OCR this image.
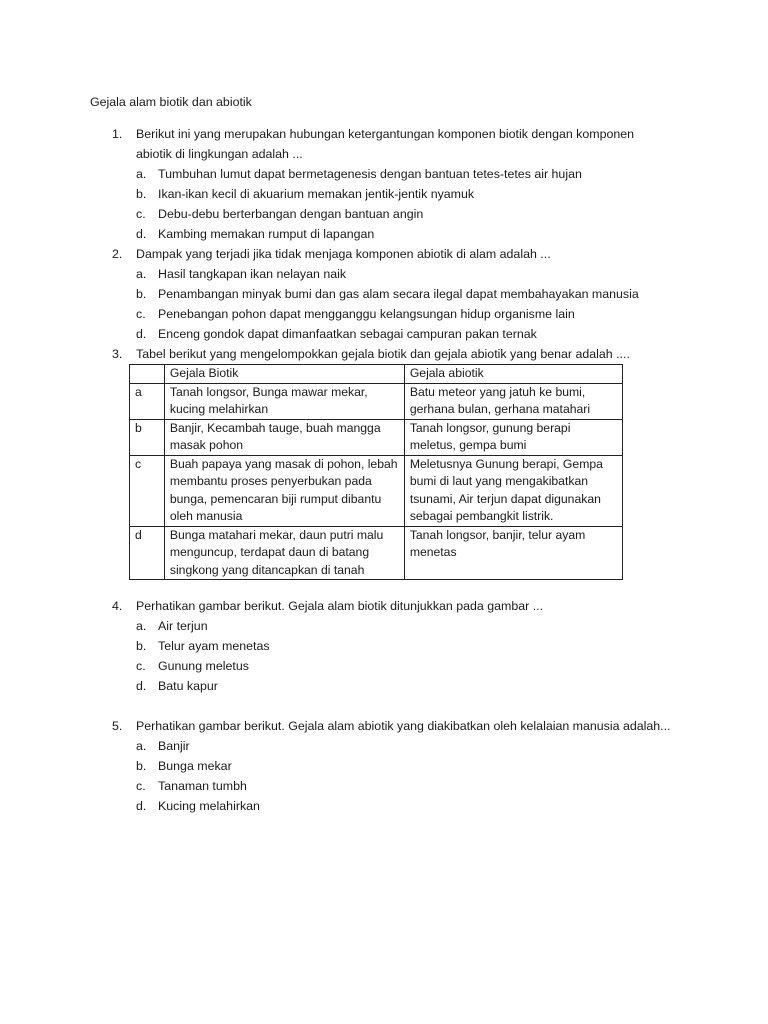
Gejala alam biotik dan abiotik
1.	Berikut ini yang merupakan hubungan ketergantungan komponen biotik dengan komponen abiotik di lingkungan adalah ...
a. Tumbuhan lumut dapat bermetagenesis dengan bantuan tetes-tetes air hujan
b. Ikan-ikan kecil di akuarium memakan jentik-jentik nyamuk
c. Debu-debu berterbangan dengan bantuan angin
d. Kambing memakan rumput di lapangan
2.	Dampak yang terjadi jika tidak menjaga komponen abiotik di alam adalah ...
a. Hasil tangkapan ikan nelayan naik
b. Penambangan minyak bumi dan gas alam secara ilegal dapat membahayakan manusia
c. Penebangan pohon dapat mengganggu kelangsungan hidup organisme lain
d. Enceng gondok dapat dimanfaatkan sebagai campuran pakan ternak
3.	Tabel berikut yang mengelompokkan gejala biotik dan gejala abiotik yang benar adalah ....
	Gejala Biotik	Gejala abiotik
a	Tanah longsor, Bunga mawar mekar, kucing melahirkan	Batu meteor yang jatuh ke bumi, gerhana bulan, gerhana matahari
b	Banjir, Kecambah tauge, buah mangga masak pohon	Tanah longsor, gunung berapi meletus, gempa bumi
c	Buah papaya yang masak di pohon, lebah membantu proses penyerbukan pada bunga, pemencaran biji rumput dibantu oleh manusia	Meletusnya Gunung berapi, Gempa bumi di laut yang mengakibatkan tsunami, Air terjun dapat digunakan sebagai pembangkit listrik.
d	Bunga matahari mekar, daun putri malu menguncup, terdapat daun di batang singkong yang ditancapkan di tanah	Tanah longsor, banjir, telur ayam menetas
4.	Perhatikan gambar berikut. Gejala alam biotik ditunjukkan pada gambar ...
a. Air terjun
b. Telur ayam menetas
c. Gunung meletus
d. Batu kapur
5.	Perhatikan gambar berikut. Gejala alam abiotik yang diakibatkan oleh kelalaian manusia adalah...
a. Banjir
b. Bunga mekar
c. Tanaman tumbh
d. Kucing melahirkan
